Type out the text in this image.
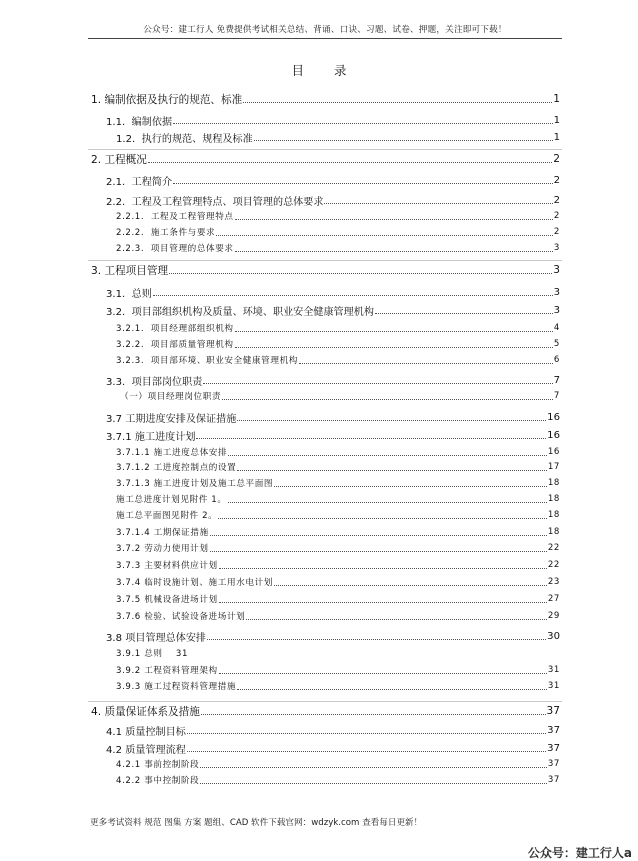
公众号：建工行人 免费提供考试相关总结、背诵、口诀、习题、试卷、押题，关注即可下载！
目 录
1. 编制依据及执行的规范、标准	1
1.1.  编制依据	1
1.2.  执行的规范、规程及标准	1
2. 工程概况	2
2.1.  工程简介	2
2.2.  工程及工程管理特点、项目管理的总体要求	2
2.2.1.  工程及工程管理特点	2
2.2.2.  施工条件与要求	2
2.2.3.  项目管理的总体要求	3
3. 工程项目管理	3
3.1.  总则	3
3.2.  项目部组织机构及质量、环境、职业安全健康管理机构	3
3.2.1.  项目经理部组织机构	4
3.2.2.  项目部质量管理机构	5
3.2.3.  项目部环境、职业安全健康管理机构	6
3.3.  项目部岗位职责	7
（一）项目经理岗位职责	7
3.7 工期进度安排及保证措施	16
3.7.1 施工进度计划	16
3.7.1.1 施工进度总体安排	16
3.7.1.2 工进度控制点的设置	17
3.7.1.3 施工进度计划及施工总平面图	18
施工总进度计划见附件 1。	18
施工总平面图见附件 2。	18
3.7.1.4 工期保证措施	18
3.7.2 劳动力使用计划	22
3.7.3 主要材料供应计划	22
3.7.4 临时设施计划、施工用水电计划	23
3.7.5 机械设备进场计划	27
3.7.6 检验、试验设备进场计划	29
3.8 项目管理总体安排	30
3.9.1 总则    31
3.9.2 工程资料管理架构	31
3.9.3 施工过程资料管理措施	31
4. 质量保证体系及措施	37
4.1 质量控制目标	37
4.2 质量管理流程	37
4.2.1 事前控制阶段	37
4.2.2 事中控制阶段	37
更多考试资料 规范 图集 方案 题组、CAD 软件下载官网：wdzyk.com 查看每日更新！
公众号：建工行人a
